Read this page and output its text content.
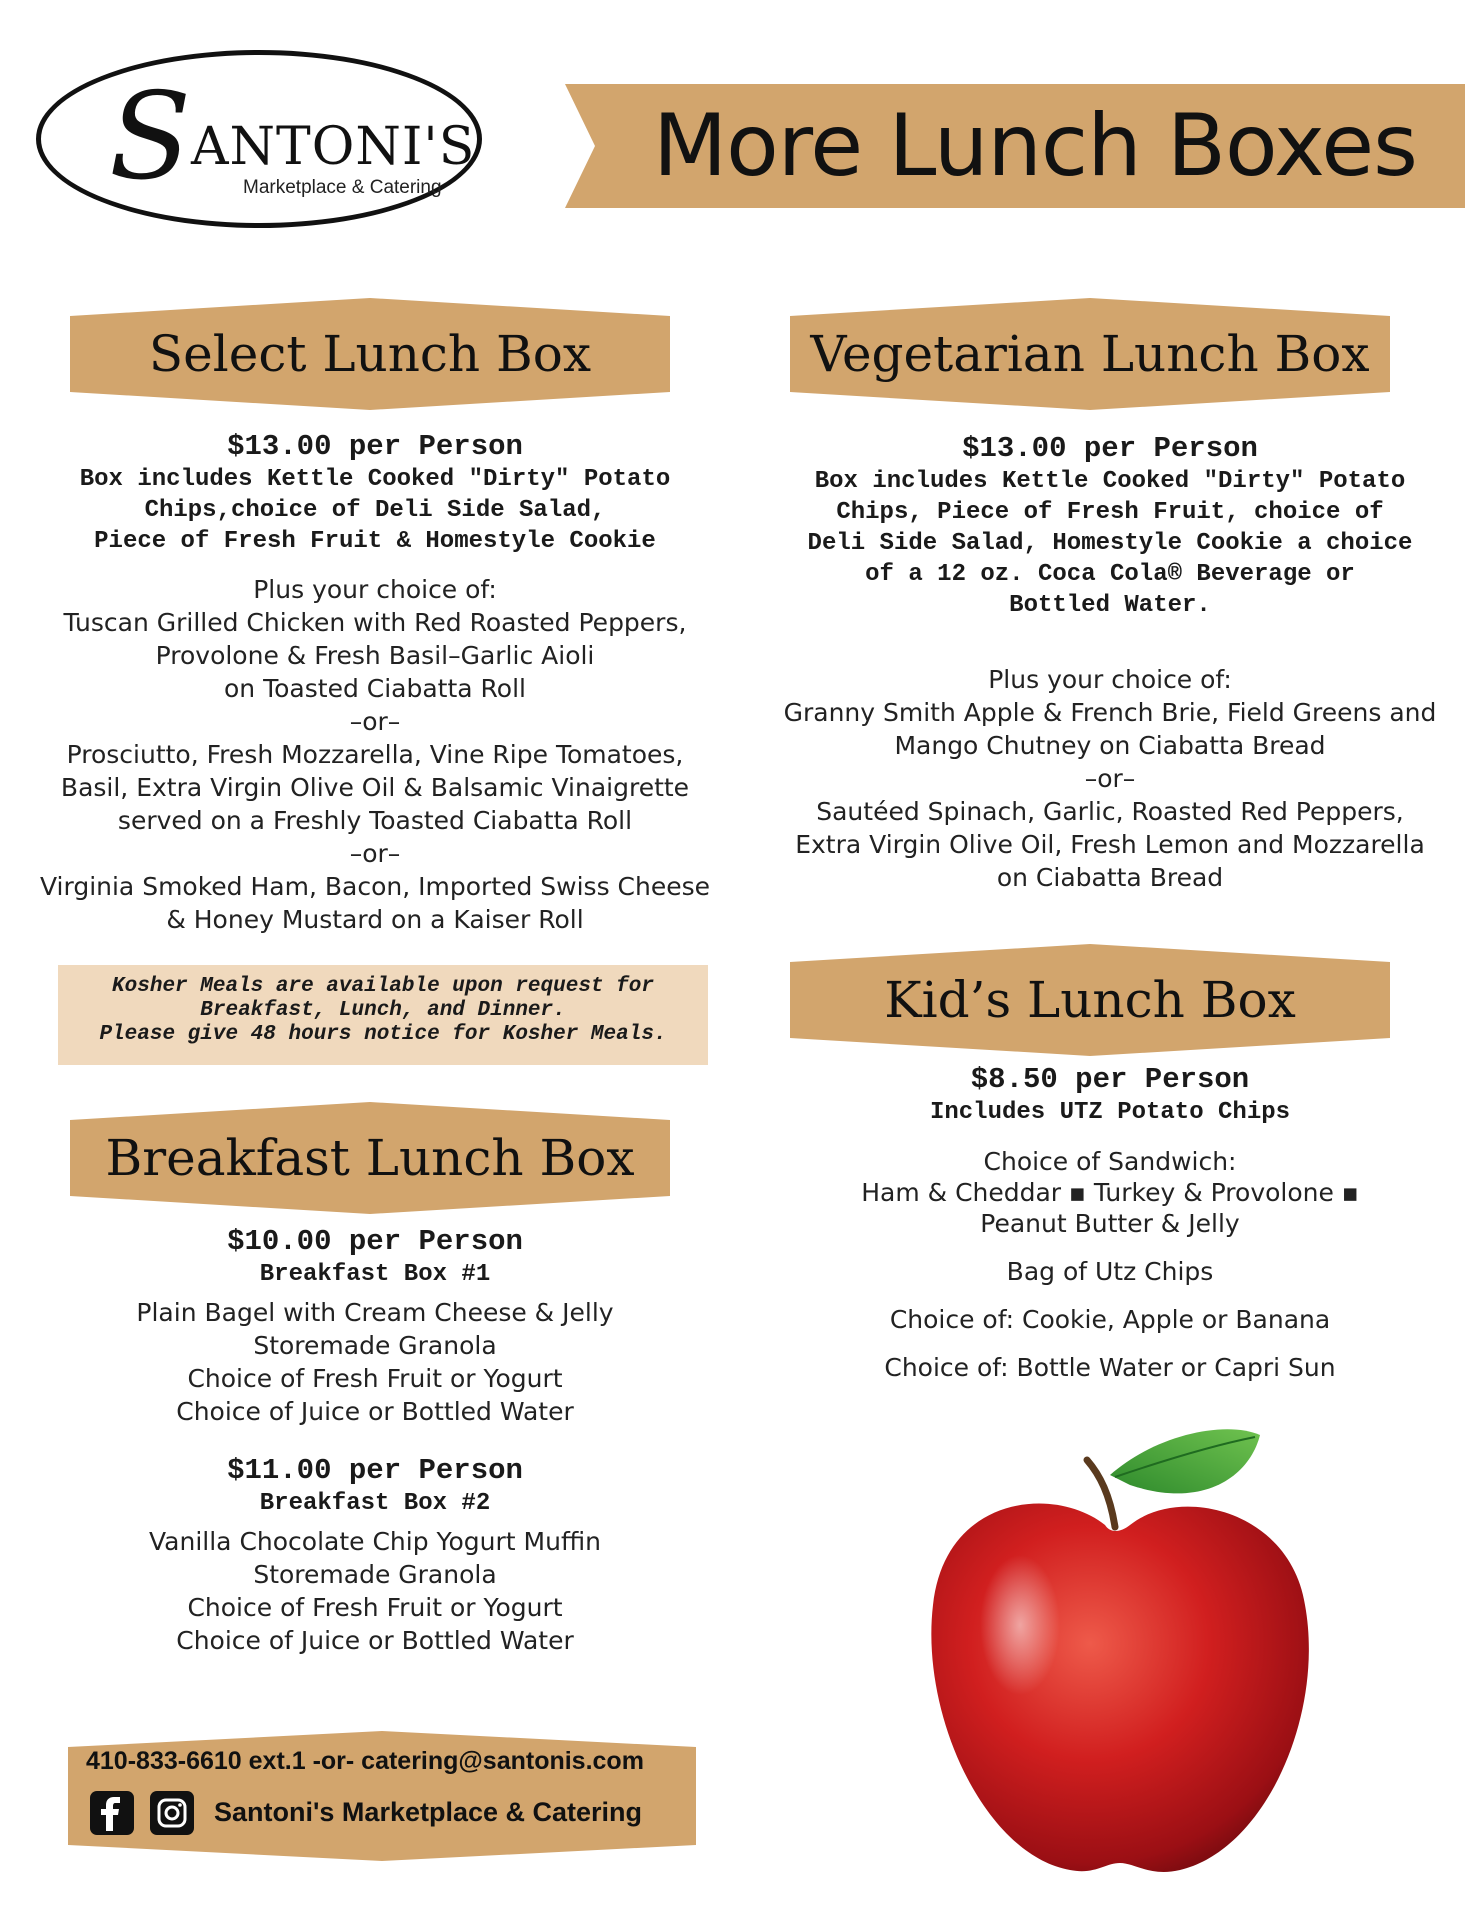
S ANTONI'S
Marketplace & Catering	More Lunch Boxes
Select Lunch Box
$13.00 per Person
Box includes Kettle Cooked "Dirty" Potato
Chips,choice of Deli Side Salad,
Piece of Fresh Fruit & Homestyle Cookie
Plus your choice of:
Tuscan Grilled Chicken with Red Roasted Peppers,
Provolone & Fresh Basil–Garlic Aioli
on Toasted Ciabatta Roll
–or–
Prosciutto, Fresh Mozzarella, Vine Ripe Tomatoes,
Basil, Extra Virgin Olive Oil & Balsamic Vinaigrette
served on a Freshly Toasted Ciabatta Roll
–or–
Virginia Smoked Ham, Bacon, Imported Swiss Cheese
& Honey Mustard on a Kaiser Roll
Kosher Meals are available upon request for
Breakfast, Lunch, and Dinner.
Please give 48 hours notice for Kosher Meals.
Breakfast Lunch Box
$10.00 per Person
Breakfast Box #1
Plain Bagel with Cream Cheese & Jelly
Storemade Granola
Choice of Fresh Fruit or Yogurt
Choice of Juice or Bottled Water
$11.00 per Person
Breakfast Box #2
Vanilla Chocolate Chip Yogurt Muffin
Storemade Granola
Choice of Fresh Fruit or Yogurt
Choice of Juice or Bottled Water
410-833-6610 ext.1 -or- catering@santonis.com
Santoni's Marketplace & Catering
Vegetarian Lunch Box
$13.00 per Person
Box includes Kettle Cooked "Dirty" Potato
Chips, Piece of Fresh Fruit, choice of
Deli Side Salad, Homestyle Cookie a choice
of a 12 oz. Coca Cola® Beverage or
Bottled Water.
Plus your choice of:
Granny Smith Apple & French Brie, Field Greens and
Mango Chutney on Ciabatta Bread
–or–
Sautéed Spinach, Garlic, Roasted Red Peppers,
Extra Virgin Olive Oil, Fresh Lemon and Mozzarella
on Ciabatta Bread
Kid’s Lunch Box
$8.50 per Person
Includes UTZ Potato Chips
Choice of Sandwich:
Ham & Cheddar ▪ Turkey & Provolone ▪
Peanut Butter & Jelly
Bag of Utz Chips
Choice of: Cookie, Apple or Banana
Choice of: Bottle Water or Capri Sun
